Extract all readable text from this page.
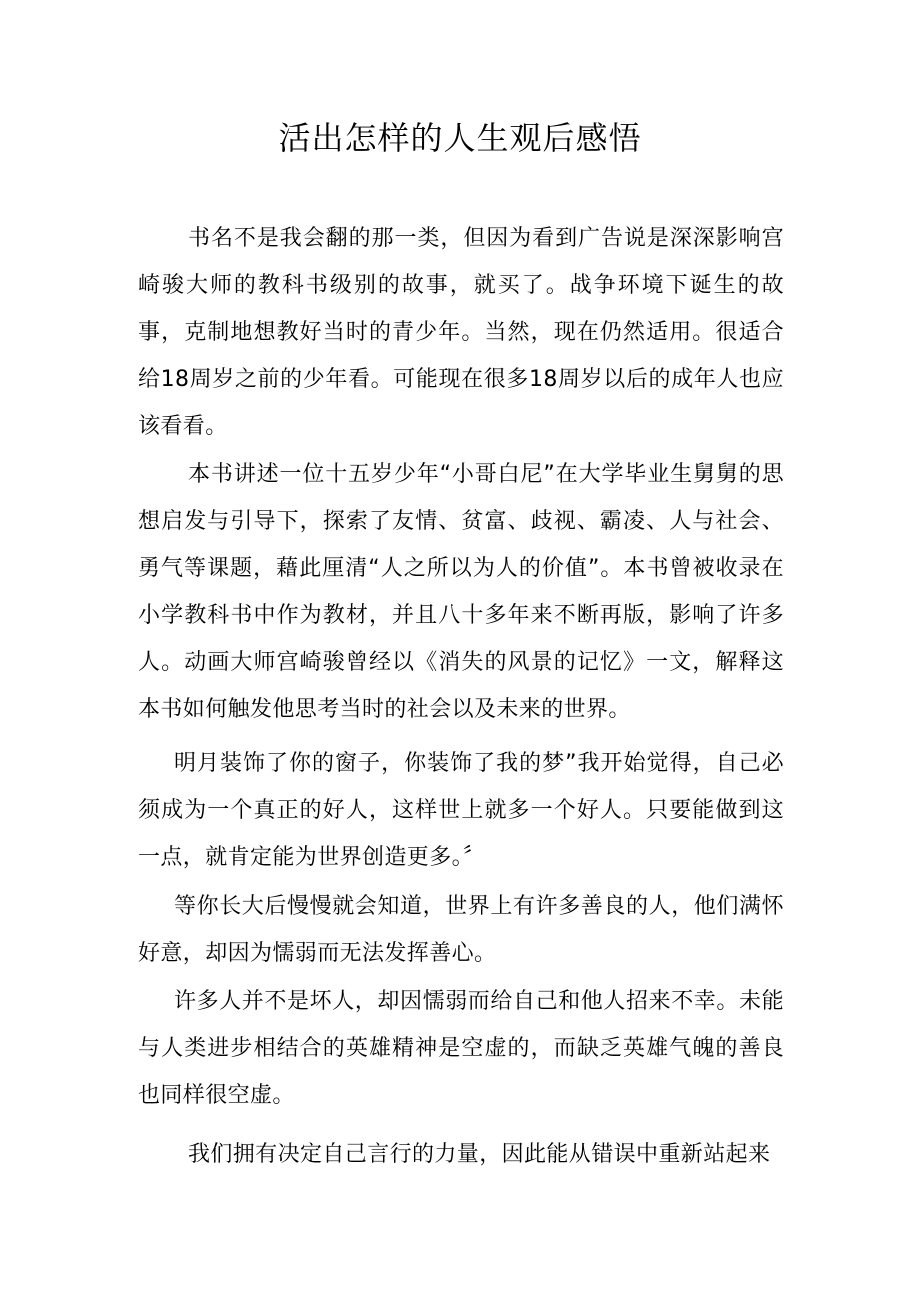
活出怎样的人生观后感悟

书名不是我会翻的那一类，但因为看到广告说是深深影响宫崎骏大师的教科书级别的故事，就买了。战争环境下诞生的故事，克制地想教好当时的青少年。当然，现在仍然适用。很适合给18周岁之前的少年看。可能现在很多18周岁以后的成年人也应该看看。

本书讲述一位十五岁少年“小哥白尼”在大学毕业生舅舅的思想启发与引导下，探索了友情、贫富、歧视、霸凌、人与社会、勇气等课题，藉此厘清“人之所以为人的价值”。本书曾被收录在小学教科书中作为教材，并且八十多年来不断再版，影响了许多人。动画大师宫崎骏曾经以《消失的风景的记忆》一文，解释这本书如何触发他思考当时的社会以及未来的世界。

明月装饰了你的窗子，你装饰了我的梦”我开始觉得，自己必须成为一个真正的好人，这样世上就多一个好人。只要能做到这一点，就肯定能为世界创造更多。〞

等你长大后慢慢就会知道，世界上有许多善良的人，他们满怀好意，却因为懦弱而无法发挥善心。

许多人并不是坏人，却因懦弱而给自己和他人招来不幸。未能与人类进步相结合的英雄精神是空虚的，而缺乏英雄气魄的善良也同样很空虚。

我们拥有决定自己言行的力量，因此能从错误中重新站起来
